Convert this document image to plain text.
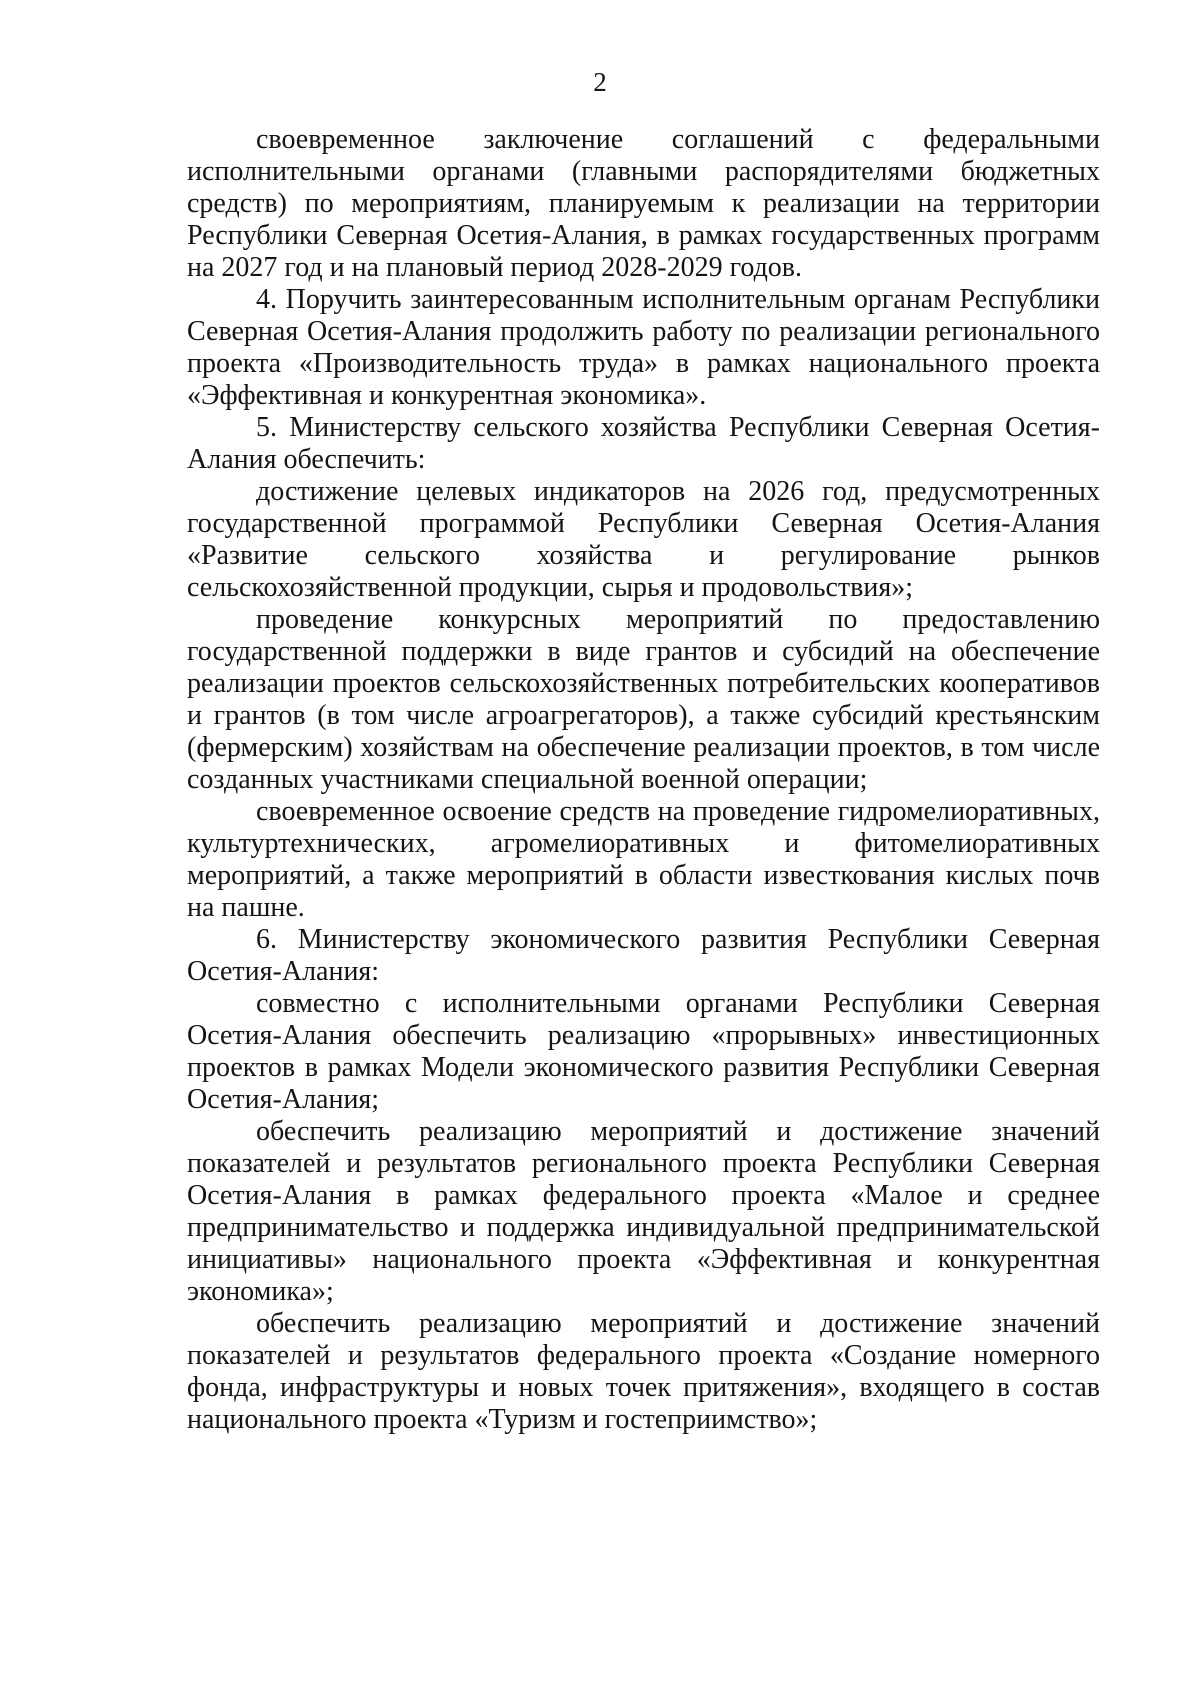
2

своевременное заключение соглашений с федеральными исполнительными органами (главными распорядителями бюджетных средств) по мероприятиям, планируемым к реализации на территории Республики Северная Осетия-Алания, в рамках государственных программ на 2027 год и на плановый период 2028-2029 годов.

4. Поручить заинтересованным исполнительным органам Республики Северная Осетия-Алания продолжить работу по реализации регионального проекта «Производительность труда» в рамках национального проекта «Эффективная и конкурентная экономика».

5. Министерству сельского хозяйства Республики Северная Осетия-Алания обеспечить:

достижение целевых индикаторов на 2026 год, предусмотренных государственной программой Республики Северная Осетия-Алания «Развитие сельского хозяйства и регулирование рынков сельскохозяйственной продукции, сырья и продовольствия»;

проведение конкурсных мероприятий по предоставлению государственной поддержки в виде грантов и субсидий на обеспечение реализации проектов сельскохозяйственных потребительских кооперативов и грантов (в том числе агроагрегаторов), а также субсидий крестьянским (фермерским) хозяйствам на обеспечение реализации проектов, в том числе созданных участниками специальной военной операции;

своевременное освоение средств на проведение гидромелиоративных, культуртехнических, агромелиоративных и фитомелиоративных мероприятий, а также мероприятий в области известкования кислых почв на пашне.

6. Министерству экономического развития Республики Северная Осетия-Алания:

совместно с исполнительными органами Республики Северная Осетия-Алания обеспечить реализацию «прорывных» инвестиционных проектов в рамках Модели экономического развития Республики Северная Осетия-Алания;

обеспечить реализацию мероприятий и достижение значений показателей и результатов регионального проекта Республики Северная Осетия-Алания в рамках федерального проекта «Малое и среднее предпринимательство и поддержка индивидуальной предпринимательской инициативы» национального проекта «Эффективная и конкурентная экономика»;

обеспечить реализацию мероприятий и достижение значений показателей и результатов федерального проекта «Создание номерного фонда, инфраструктуры и новых точек притяжения», входящего в состав национального проекта «Туризм и гостеприимство»;
